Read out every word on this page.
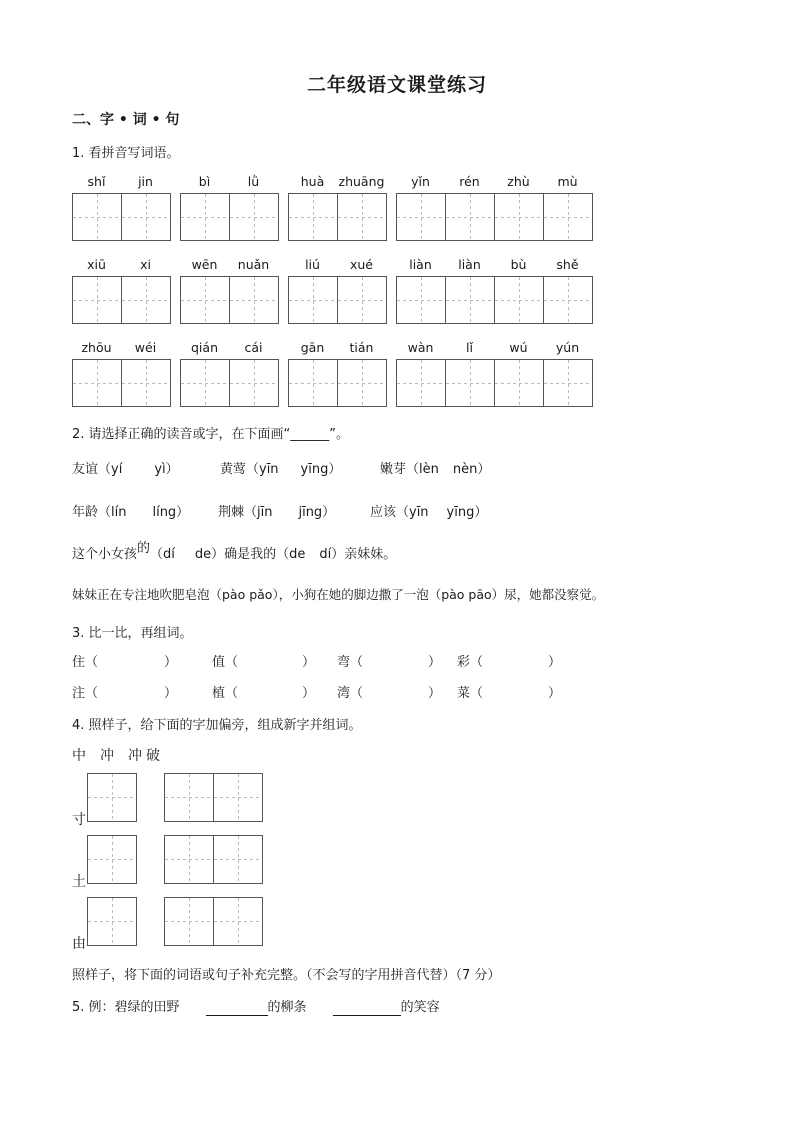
二年级语文课堂练习
二、字 • 词 • 句
1. 看拼音写词语。
shǐ	jin	bì	lǜ	huà	zhuāng	yǐn	rén	zhù	mù
xiū	xi	wēn	nuǎn	liú	xué	liàn	liàn	bù	shě
zhōu	wéi	qián	cái	gān	tián	wàn	lǐ	wú	yún
2. 请选择正确的读音或字，在下面画“______”。
友谊（yí yì）	黄莺（yīn yīng）	嫩芽（lèn nèn）
年龄（lín líng） 荆棘（jīn jīng）	应该（yīn yīng）
这个小女孩的（dí de）确是我的（de dí）亲妹妹。
妹妹正在专注地吹肥皂泡（pào pǎo），小狗在她的脚边撒了一泡（pào pāo）尿，她都没察觉。
3. 比一比，再组词。
住（	）	值（	） 弯（	） 彩（	）
注（	）	植（	） 湾（	） 菜（	）
4. 照样子，给下面的字加偏旁，组成新字并组词。
中 冲 冲 破
寸
土
由
照样子，将下面的词语或句子补充完整。（不会写的字用拼音代替）（7 分）
5. 例：碧绿的田野	的柳条	的笑容
